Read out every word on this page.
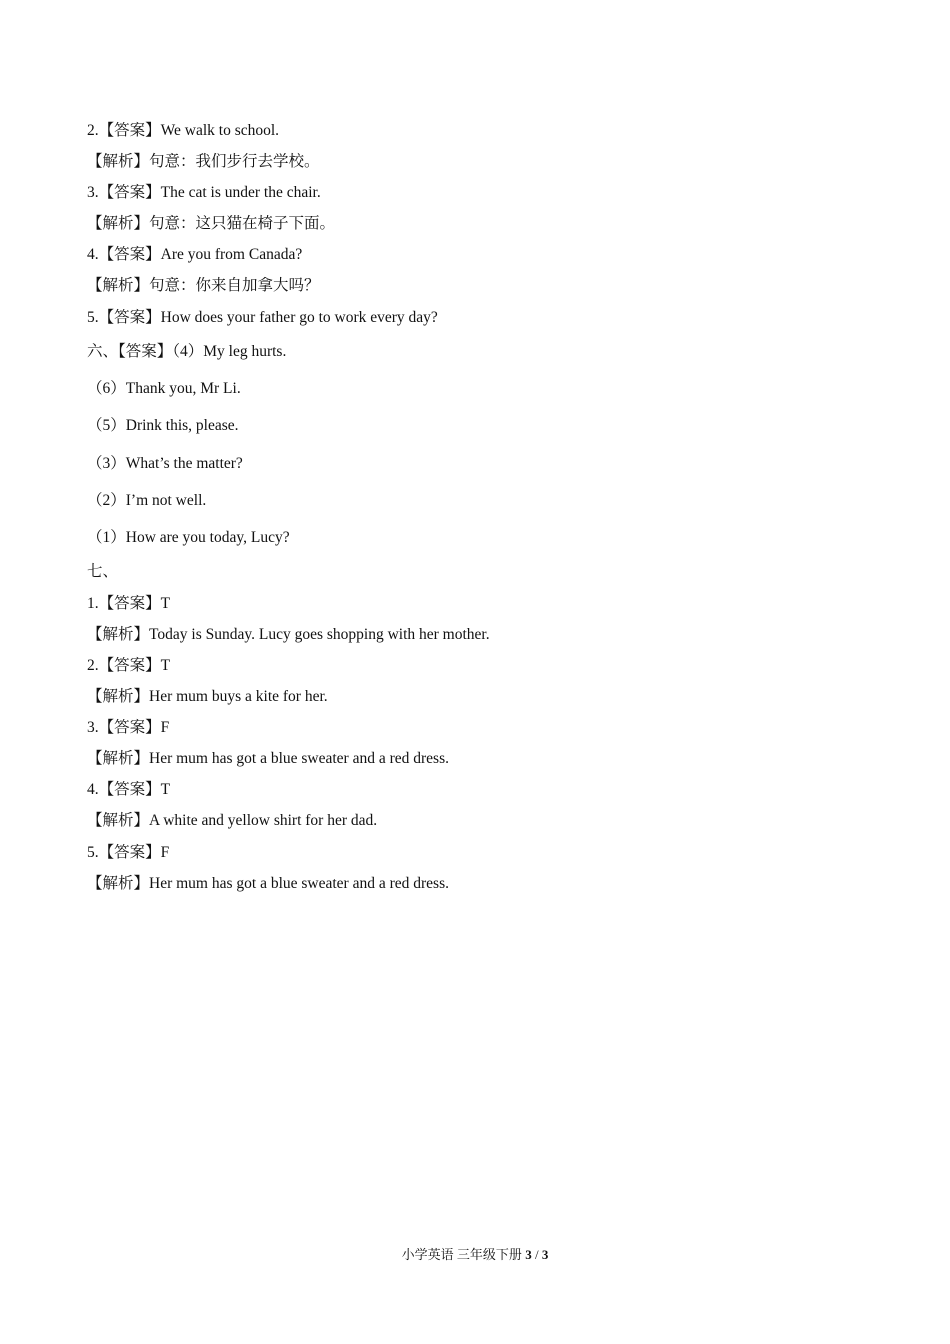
2.【答案】We walk to school.
【解析】句意：我们步行去学校。
3.【答案】The cat is under the chair.
【解析】句意：这只猫在椅子下面。
4.【答案】Are you from Canada?
【解析】句意：你来自加拿大吗？
5.【答案】How does your father go to work every day?
六、【答案】（4）My leg hurts.
（6）Thank you, Mr Li.
（5）Drink this, please.
（3）What’s the matter?
（2）I’m not well.
（1）How are you today, Lucy?
七、
1.【答案】T
【解析】Today is Sunday. Lucy goes shopping with her mother.
2.【答案】T
【解析】Her mum buys a kite for her.
3.【答案】F
【解析】Her mum has got a blue sweater and a red dress.
4.【答案】T
【解析】A white and yellow shirt for her dad.
5.【答案】F
【解析】Her mum has got a blue sweater and a red dress.
小学英语 三年级下册 3 / 3
